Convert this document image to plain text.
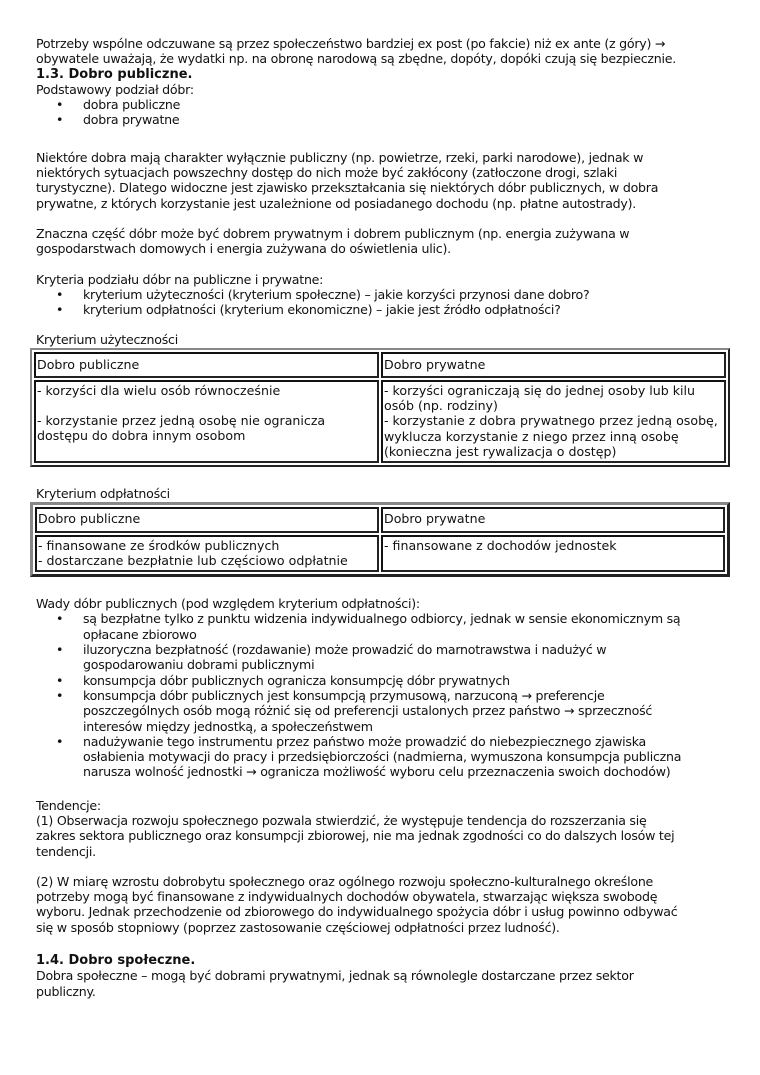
Potrzeby wspólne odczuwane są przez społeczeństwo bardziej ex post (po fakcie) niż ex ante (z góry) →
obywatele uważają, że wydatki np. na obronę narodową są zbędne, dopóty, dopóki czują się bezpiecznie.

1.3. Dobro publiczne.

Podstawowy podział dóbr:

• dobra publiczne
• dobra prywatne

Niektóre dobra mają charakter wyłącznie publiczny (np. powietrze, rzeki, parki narodowe), jednak w
niektórych sytuacjach powszechny dostęp do nich może być zakłócony (zatłoczone drogi, szlaki
turystyczne). Dlatego widoczne jest zjawisko przekształcania się niektórych dóbr publicznych, w dobra
prywatne, z których korzystanie jest uzależnione od posiadanego dochodu (np. płatne autostrady).

Znaczna część dóbr może być dobrem prywatnym i dobrem publicznym (np. energia zużywana w
gospodarstwach domowych i energia zużywana do oświetlenia ulic).

Kryteria podziału dóbr na publiczne i prywatne:

• kryterium użyteczności (kryterium społeczne) – jakie korzyści przynosi dane dobro?
• kryterium odpłatności (kryterium ekonomiczne) – jakie jest źródło odpłatności?

Kryterium użyteczności

Dobro publiczne	Dobro prywatne
- korzyści dla wielu osób równocześnie
- korzystanie przez jedną osobę nie ogranicza
dostępu do dobra innym osobom	- korzyści ograniczają się do jednej osoby lub kilu
osób (np. rodziny)
- korzystanie z dobra prywatnego przez jedną osobę,
wyklucza korzystanie z niego przez inną osobę
(konieczna jest rywalizacja o dostęp)

Kryterium odpłatności

Dobro publiczne	Dobro prywatne
- finansowane ze środków publicznych
- dostarczane bezpłatnie lub częściowo odpłatnie	- finansowane z dochodów jednostek

Wady dóbr publicznych (pod względem kryterium odpłatności):

• są bezpłatne tylko z punktu widzenia indywidualnego odbiorcy, jednak w sensie ekonomicznym są
opłacane zbiorowo
• iluzoryczna bezpłatność (rozdawanie) może prowadzić do marnotrawstwa i nadużyć w
gospodarowaniu dobrami publicznymi
• konsumpcja dóbr publicznych ogranicza konsumpcję dóbr prywatnych
• konsumpcja dóbr publicznych jest konsumpcją przymusową, narzuconą → preferencje
poszczególnych osób mogą różnić się od preferencji ustalonych przez państwo → sprzeczność
interesów między jednostką, a społeczeństwem
• nadużywanie tego instrumentu przez państwo może prowadzić do niebezpiecznego zjawiska
osłabienia motywacji do pracy i przedsiębiorczości (nadmierna, wymuszona konsumpcja publiczna
narusza wolność jednostki → ogranicza możliwość wyboru celu przeznaczenia swoich dochodów)

Tendencje:

(1) Obserwacja rozwoju społecznego pozwala stwierdzić, że występuje tendencja do rozszerzania się
zakres sektora publicznego oraz konsumpcji zbiorowej, nie ma jednak zgodności co do dalszych losów tej
tendencji.

(2) W miarę wzrostu dobrobytu społecznego oraz ogólnego rozwoju społeczno-kulturalnego określone
potrzeby mogą być finansowane z indywidualnych dochodów obywatela, stwarzając większa swobodę
wyboru. Jednak przechodzenie od zbiorowego do indywidualnego spożycia dóbr i usług powinno odbywać
się w sposób stopniowy (poprzez zastosowanie częściowej odpłatności przez ludność).

1.4. Dobro społeczne.

Dobra społeczne – mogą być dobrami prywatnymi, jednak są równolegle dostarczane przez sektor
publiczny.
